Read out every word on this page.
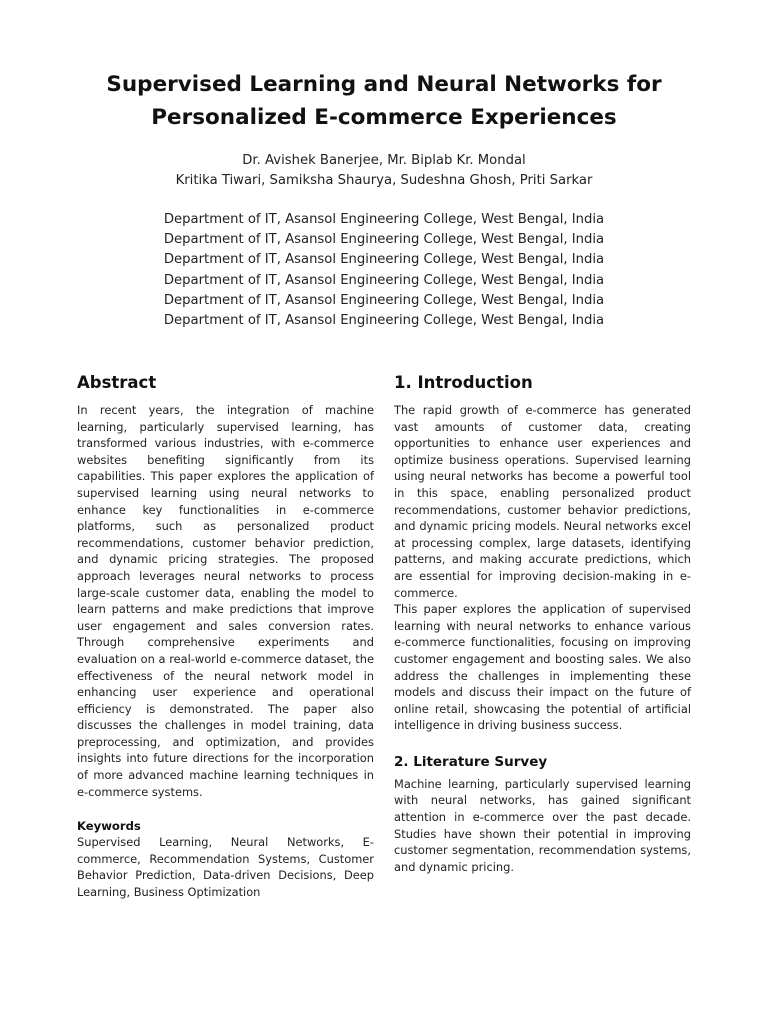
Supervised Learning and Neural Networks for
Personalized E-commerce Experiences
Dr. Avishek Banerjee, Mr. Biplab Kr. Mondal
Kritika Tiwari, Samiksha Shaurya, Sudeshna Ghosh, Priti Sarkar
Department of IT, Asansol Engineering College, West Bengal, India
Department of IT, Asansol Engineering College, West Bengal, India
Department of IT, Asansol Engineering College, West Bengal, India
Department of IT, Asansol Engineering College, West Bengal, India
Department of IT, Asansol Engineering College, West Bengal, India
Department of IT, Asansol Engineering College, West Bengal, India
Abstract

In recent years, the integration of machine learning, particularly supervised learning, has transformed various industries, with e-commerce websites benefiting significantly from its capabilities. This paper explores the application of supervised learning using neural networks to enhance key functionalities in e-commerce platforms, such as personalized product recommendations, customer behavior prediction, and dynamic pricing strategies. The proposed approach leverages neural networks to process large-scale customer data, enabling the model to learn patterns and make predictions that improve user engagement and sales conversion rates. Through comprehensive experiments and evaluation on a real-world e-commerce dataset, the effectiveness of the neural network model in enhancing user experience and operational efficiency is demonstrated. The paper also discusses the challenges in model training, data preprocessing, and optimization, and provides insights into future directions for the incorporation of more advanced machine learning techniques in e-commerce systems.

Keywords

Supervised Learning, Neural Networks, E-commerce, Recommendation Systems, Customer Behavior Prediction, Data-driven Decisions, Deep Learning, Business Optimization

1. Introduction

The rapid growth of e-commerce has generated vast amounts of customer data, creating opportunities to enhance user experiences and optimize business operations. Supervised learning using neural networks has become a powerful tool in this space, enabling personalized product recommendations, customer behavior predictions, and dynamic pricing models. Neural networks excel at processing complex, large datasets, identifying patterns, and making accurate predictions, which are essential for improving decision-making in e-commerce.

This paper explores the application of supervised learning with neural networks to enhance various e-commerce functionalities, focusing on improving customer engagement and boosting sales. We also address the challenges in implementing these models and discuss their impact on the future of online retail, showcasing the potential of artificial intelligence in driving business success.

2. Literature Survey

Machine learning, particularly supervised learning with neural networks, has gained significant attention in e-commerce over the past decade. Studies have shown their potential in improving customer segmentation, recommendation systems, and dynamic pricing.
